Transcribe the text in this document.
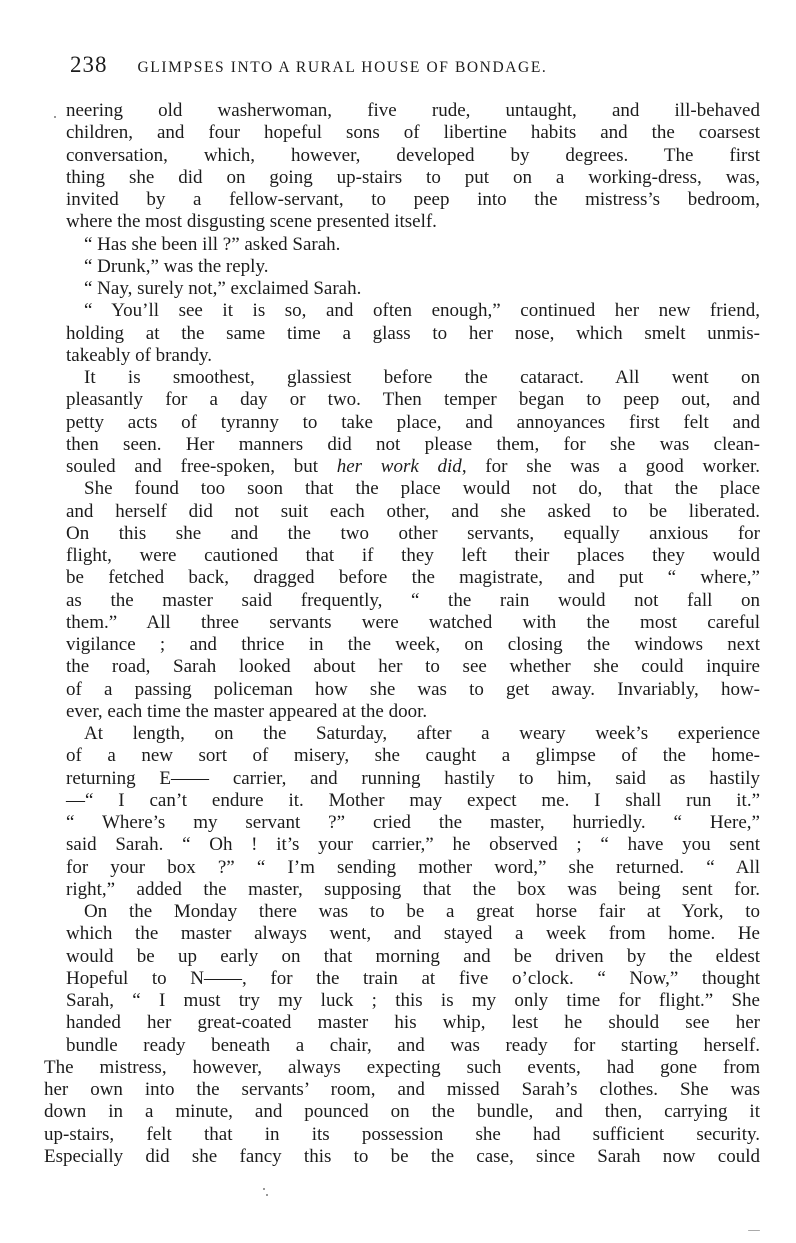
238 GLIMPSES INTO A RURAL HOUSE OF BONDAGE.
neering old washerwoman, five rude, untaught, and ill-behaved
children, and four hopeful sons of libertine habits and the coarsest
conversation, which, however, developed by degrees. The first
thing she did on going up-stairs to put on a working-dress, was,
invited by a fellow-servant, to peep into the mistress’s bedroom,
where the most disgusting scene presented itself.
“ Has she been ill ?” asked Sarah.
“ Drunk,” was the reply.
“ Nay, surely not,” exclaimed Sarah.
“ You’ll see it is so, and often enough,” continued her new friend,
holding at the same time a glass to her nose, which smelt unmis-
takeably of brandy.
It is smoothest, glassiest before the cataract. All went on
pleasantly for a day or two. Then temper began to peep out, and
petty acts of tyranny to take place, and annoyances first felt and
then seen. Her manners did not please them, for she was clean-
souled and free-spoken, but her work did, for she was a good worker.
She found too soon that the place would not do, that the place
and herself did not suit each other, and she asked to be liberated.
On this she and the two other servants, equally anxious for
flight, were cautioned that if they left their places they would
be fetched back, dragged before the magistrate, and put “ where,”
as the master said frequently, “ the rain would not fall on
them.” All three servants were watched with the most careful
vigilance ; and thrice in the week, on closing the windows next
the road, Sarah looked about her to see whether she could inquire
of a passing policeman how she was to get away. Invariably, how-
ever, each time the master appeared at the door.
At length, on the Saturday, after a weary week’s experience
of a new sort of misery, she caught a glimpse of the home-
returning E—— carrier, and running hastily to him, said as hastily
—“ I can’t endure it. Mother may expect me. I shall run it.”
“ Where’s my servant ?” cried the master, hurriedly. “ Here,”
said Sarah. “ Oh ! it’s your carrier,” he observed ; “ have you sent
for your box ?” “ I’m sending mother word,” she returned. “ All
right,” added the master, supposing that the box was being sent for.
On the Monday there was to be a great horse fair at York, to
which the master always went, and stayed a week from home. He
would be up early on that morning and be driven by the eldest
Hopeful to N——, for the train at five o’clock. “ Now,” thought
Sarah, “ I must try my luck ; this is my only time for flight.” She
handed her great-coated master his whip, lest he should see her
bundle ready beneath a chair, and was ready for starting herself.
The mistress, however, always expecting such events, had gone from
her own into the servants’ room, and missed Sarah’s clothes. She was
down in a minute, and pounced on the bundle, and then, carrying it
up-stairs, felt that in its possession she had sufficient security.
Especially did she fancy this to be the case, since Sarah now could
